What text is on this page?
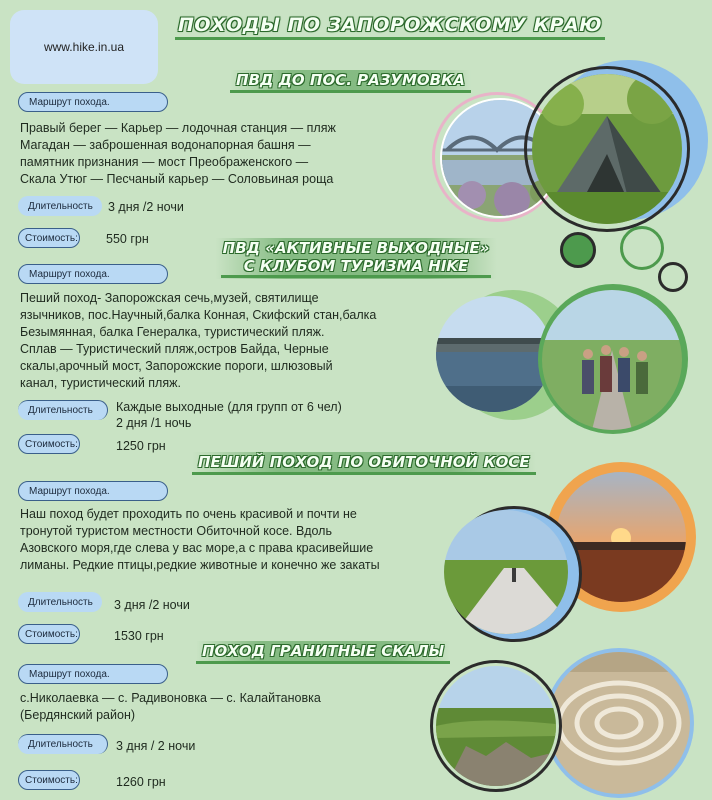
www.hike.in.ua
ПОХОДЫ ПО ЗАПОРОЖСКОМУ КРАЮ
ПВД ДО ПОС. РАЗУМОВКА
Маршрут похода.
Правый берег — Карьер — лодочная станция — пляж
Магадан — заброшенная водонапорная башня —
памятник признания — мост Преображенского —
Скала Утюг — Песчаный карьер — Соловьиная роща
Длительность 3 дня /2 ночи
Стоимость: 550 грн	ПВД «АКТИВНЫЕ ВЫХОДНЫЕ»
С КЛУБОМ ТУРИЗМА HIKE
Маршрут похода.
Пеший поход- Запорожская сечь,музей, святилище
язычников, пос.Научный,балка Конная, Скифский стан,балка
Безымянная, балка Генералка, туристический пляж.
Сплав — Туристический пляж,остров Байда, Черные
скалы,арочный мост, Запорожские пороги, шлюзовый
канал, туристический пляж.
Длительность Каждые выходные (для групп от 6 чел)
2 дня /1 ночь
Стоимость:	1250 грн
ПЕШИЙ ПОХОД ПО ОБИТОЧНОЙ КОСЕ
Маршрут похода.
Наш поход будет проходить по очень красивой и почти не
тронутой туристом местности Обиточной косе. Вдоль
Азовского моря,где слева у вас море,а с права красивейшие
лиманы. Редкие птицы,редкие животные и конечно же закаты
Длительность 3 дня /2 ночи
Стоимость:	1530 грн
ПОХОД ГРАНИТНЫЕ СКАЛЫ
Маршрут похода.
с.Николаевка — с. Радивоновка — с. Калайтановка
(Бердянский район)
Длительность 3 дня / 2 ночи
Стоимость:	1260 грн
